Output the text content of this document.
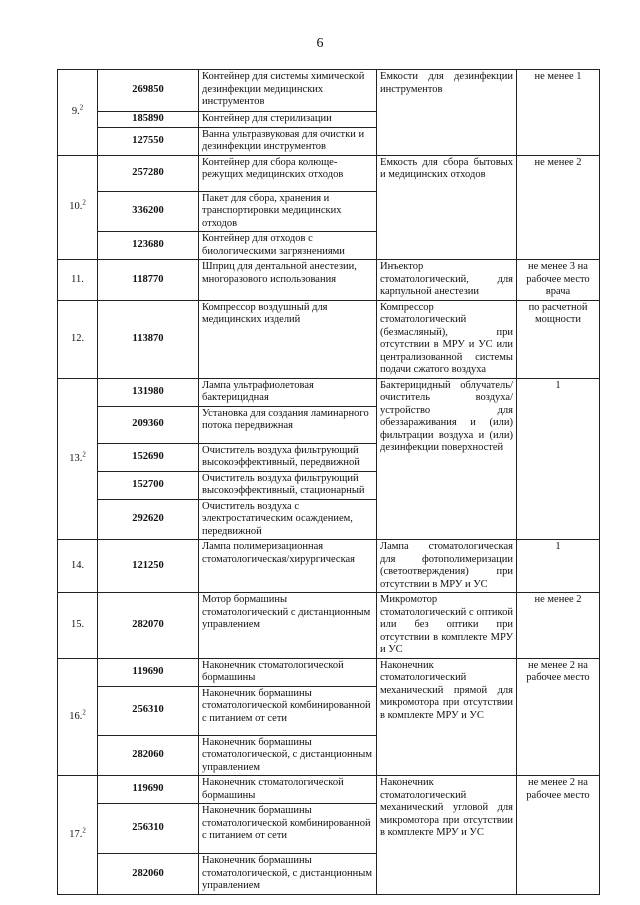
6
9.$^2$	269850	Контейнер для системы химической дезинфекции медицинских инструментов	Емкости для дезинфекции инструментов	не менее 1
	185890	Контейнер для стерилизации		
	127550	Ванна ультразвуковая для очистки и дезинфекции инструментов		
10.$^2$	257280	Контейнер для сбора колюще-режущих медицинских отходов	Емкость для сбора бытовых и медицинских отходов	не менее 2
	336200	Пакет для сбора, хранения и транспортировки медицинских отходов		
	123680	Контейнер для отходов с биологическими загрязнениями		
11.	118770	Шприц для дентальной анестезии, многоразового использования	Инъектор стоматологический, для карпульной анестезии	не менее 3 на рабочее место врача
12.	113870	Компрессор воздушный для медицинских изделий	Компрессор стоматологический (безмасляный), при отсутствии в МРУ и УС или централизованной системы подачи сжатого воздуха	по расчетной мощности
13.$^2$	131980	Лампа ультрафиолетовая бактерицидная	Бактерицидный облучатель/очиститель воздуха/устройство для обеззараживания и (или) фильтрации воздуха и (или) дезинфекции поверхностей	1
	209360	Установка для создания ламинарного потока передвижная		
	152690	Очиститель воздуха фильтрующий высокоэффективный, передвижной		
	152700	Очиститель воздуха фильтрующий высокоэффективный, стационарный		
	292620	Очиститель воздуха с электростатическим осаждением, передвижной		
14.	121250	Лампа полимеризационная стоматологическая/хирургическая	Лампа стоматологическая для фотополимеризации (светоотверждения) при отсутствии в МРУ и УС	1
15.	282070	Мотор бормашины стоматологический с дистанционным управлением	Микромотор стоматологический с оптикой или без оптики при отсутствии в комплекте МРУ и УС	не менее 2
16.$^2$	119690	Наконечник стоматологической бормашины	Наконечник стоматологический механический прямой для микромотора при отсутствии в комплекте МРУ и УС	не менее 2 на рабочее место
	256310	Наконечник бормашины стоматологической комбинированной с питанием от сети		
	282060	Наконечник бормашины стоматологической, с дистанционным управлением		
17.$^2$	119690	Наконечник стоматологической бормашины	Наконечник стоматологический механический угловой для микромотора при отсутствии в комплекте МРУ и УС	не менее 2 на рабочее место
	256310	Наконечник бормашины стоматологической комбинированной с питанием от сети		
	282060	Наконечник бормашины стоматологической, с дистанционным управлением		
